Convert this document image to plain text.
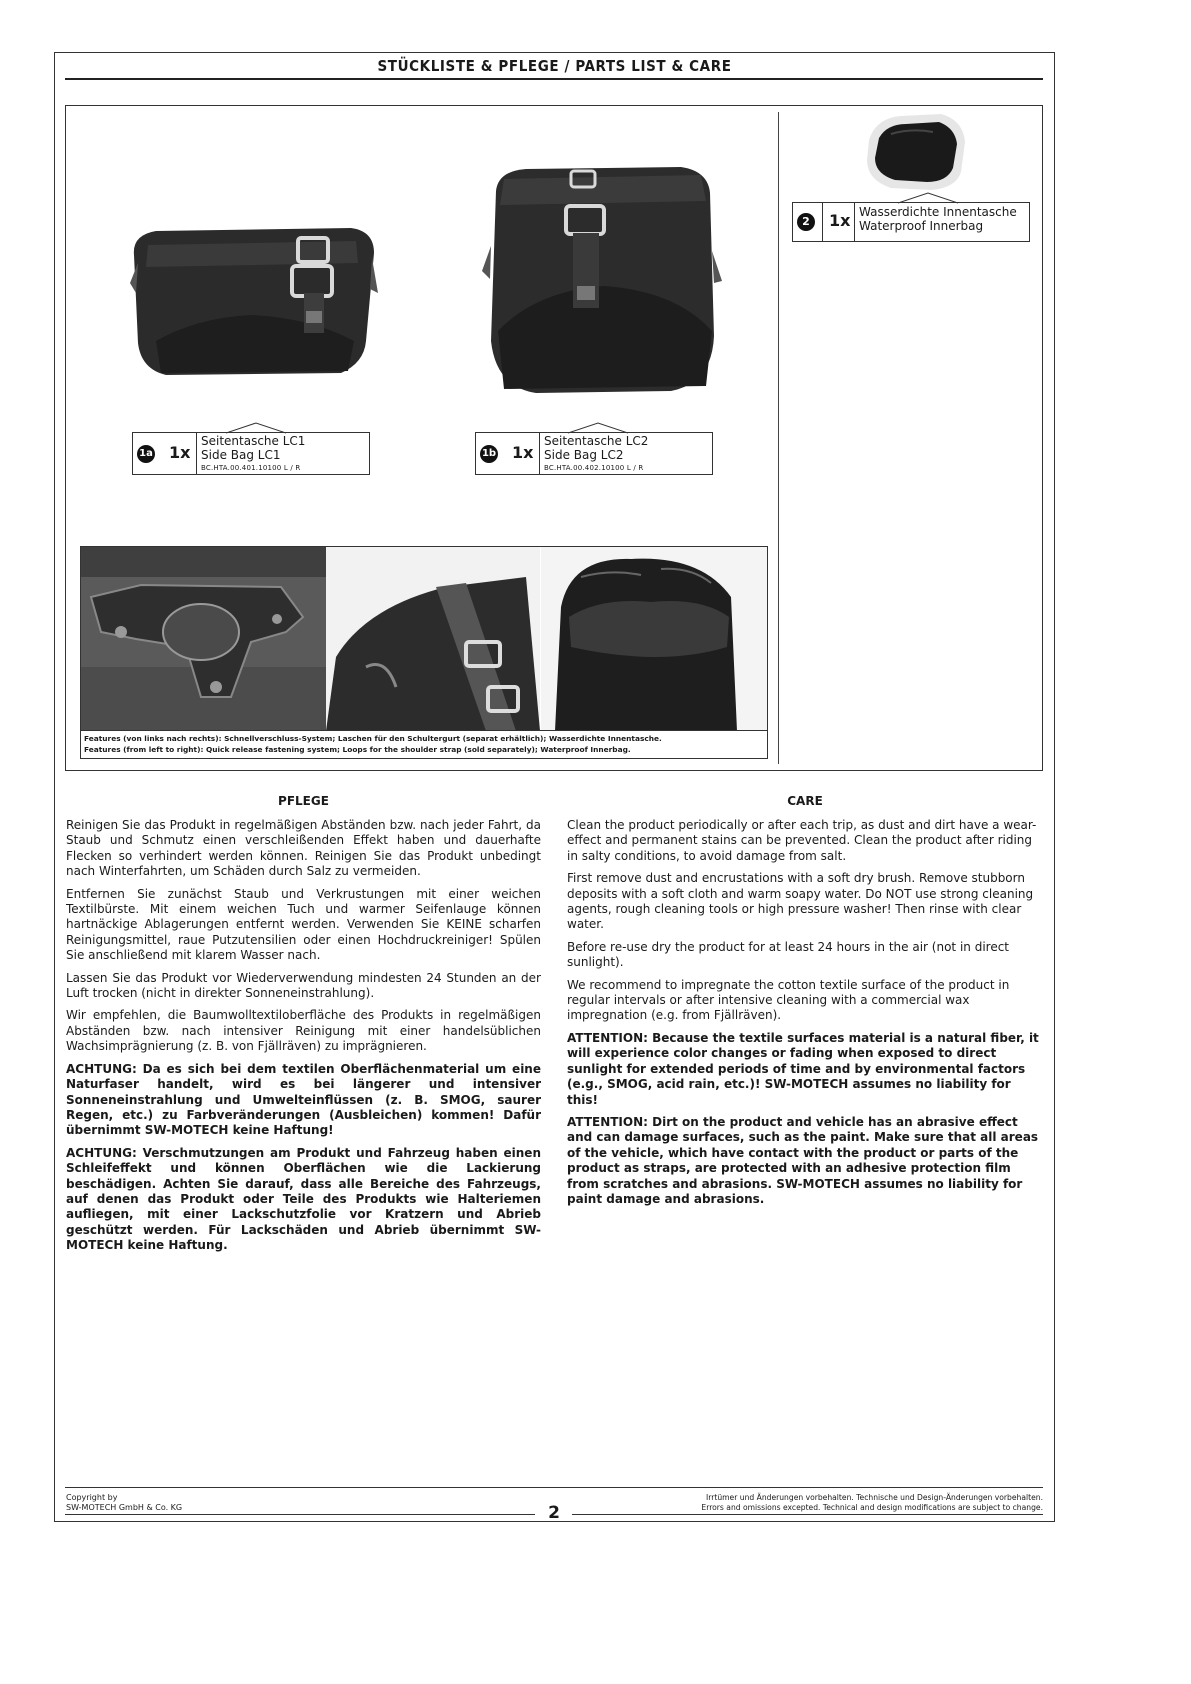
STÜCKLISTE & PFLEGE / PARTS LIST & CARE
1a 1x
Seitentasche LC1
Side Bag LC1
BC.HTA.00.401.10100 L / R
1b 1x
Seitentasche LC2
Side Bag LC2
BC.HTA.00.402.10100 L / R
2	1x Wasserdichte Innentasche
Waterproof Innerbag
Features (von links nach rechts): Schnellverschluss-System; Laschen für den Schultergurt (separat erhältlich); Wasserdichte Innentasche.
Features (from left to right): Quick release fastening system; Loops for the shoulder strap (sold separately); Waterproof Innerbag.
PFLEGE

Reinigen Sie das Produkt in regelmäßigen Abständen bzw. nach jeder Fahrt, da Staub und Schmutz einen verschleißenden Effekt haben und dauerhafte Flecken so verhindert werden können. Reinigen Sie das Produkt unbedingt nach Winterfahrten, um Schäden durch Salz zu vermeiden.

Entfernen Sie zunächst Staub und Verkrustungen mit einer weichen Textilbürste. Mit einem weichen Tuch und warmer Seifenlauge können hartnäckige Ablagerungen entfernt werden. Verwenden Sie KEINE scharfen Reinigungsmittel, raue Putzutensilien oder einen Hochdruckreiniger! Spülen Sie anschließend mit klarem Wasser nach.

Lassen Sie das Produkt vor Wiederverwendung mindesten 24 Stunden an der Luft trocken (nicht in direkter Sonneneinstrahlung).

Wir empfehlen, die Baumwolltextiloberfläche des Produkts in regelmäßigen Abständen bzw. nach intensiver Reinigung mit einer handelsüblichen Wachsimprägnierung (z. B. von Fjällräven) zu imprägnieren.

ACHTUNG: Da es sich bei dem textilen Oberflächenmaterial um eine Naturfaser handelt, wird es bei längerer und intensiver Sonneneinstrahlung und Umwelteinflüssen (z. B. SMOG, saurer Regen, etc.) zu Farbveränderungen (Ausbleichen) kommen! Dafür übernimmt SW-MOTECH keine Haftung!

ACHTUNG: Verschmutzungen am Produkt und Fahrzeug haben einen Schleifeffekt und können Oberflächen wie die Lackierung beschädigen. Achten Sie darauf, dass alle Bereiche des Fahrzeugs, auf denen das Produkt oder Teile des Produkts wie Halteriemen aufliegen, mit einer Lackschutzfolie vor Kratzern und Abrieb geschützt werden. Für Lackschäden und Abrieb übernimmt SW-MOTECH keine Haftung.

CARE

Clean the product periodically or after each trip, as dust and dirt have a wear-effect and permanent stains can be prevented. Clean the product after riding in salty conditions, to avoid damage from salt.

First remove dust and encrustations with a soft dry brush. Remove stubborn deposits with a soft cloth and warm soapy water. Do NOT use strong cleaning agents, rough cleaning tools or high pressure washer! Then rinse with clear water.

Before re-use dry the product for at least 24 hours in the air (not in direct sunlight).

We recommend to impregnate the cotton textile surface of the product in regular intervals or after intensive cleaning with a commercial wax impregnation (e.g. from Fjällräven).

ATTENTION: Because the textile surfaces material is a natural fiber, it will experience color changes or fading when exposed to direct sunlight for extended periods of time and by environmental factors (e.g., SMOG, acid rain, etc.)! SW-MOTECH assumes no liability for this!

ATTENTION: Dirt on the product and vehicle has an abrasive effect and can damage surfaces, such as the paint. Make sure that all areas of the vehicle, which have contact with the product or parts of the product as straps, are protected with an adhesive protection film from scratches and abrasions. SW-MOTECH assumes no liability for paint damage and abrasions.

Copyright by
SW-MOTECH GmbH & Co. KG
Irrtümer und Änderungen vorbehalten. Technische und Design-Änderungen vorbehalten.
Errors and omissions excepted. Technical and design modifications are subject to change.
2
